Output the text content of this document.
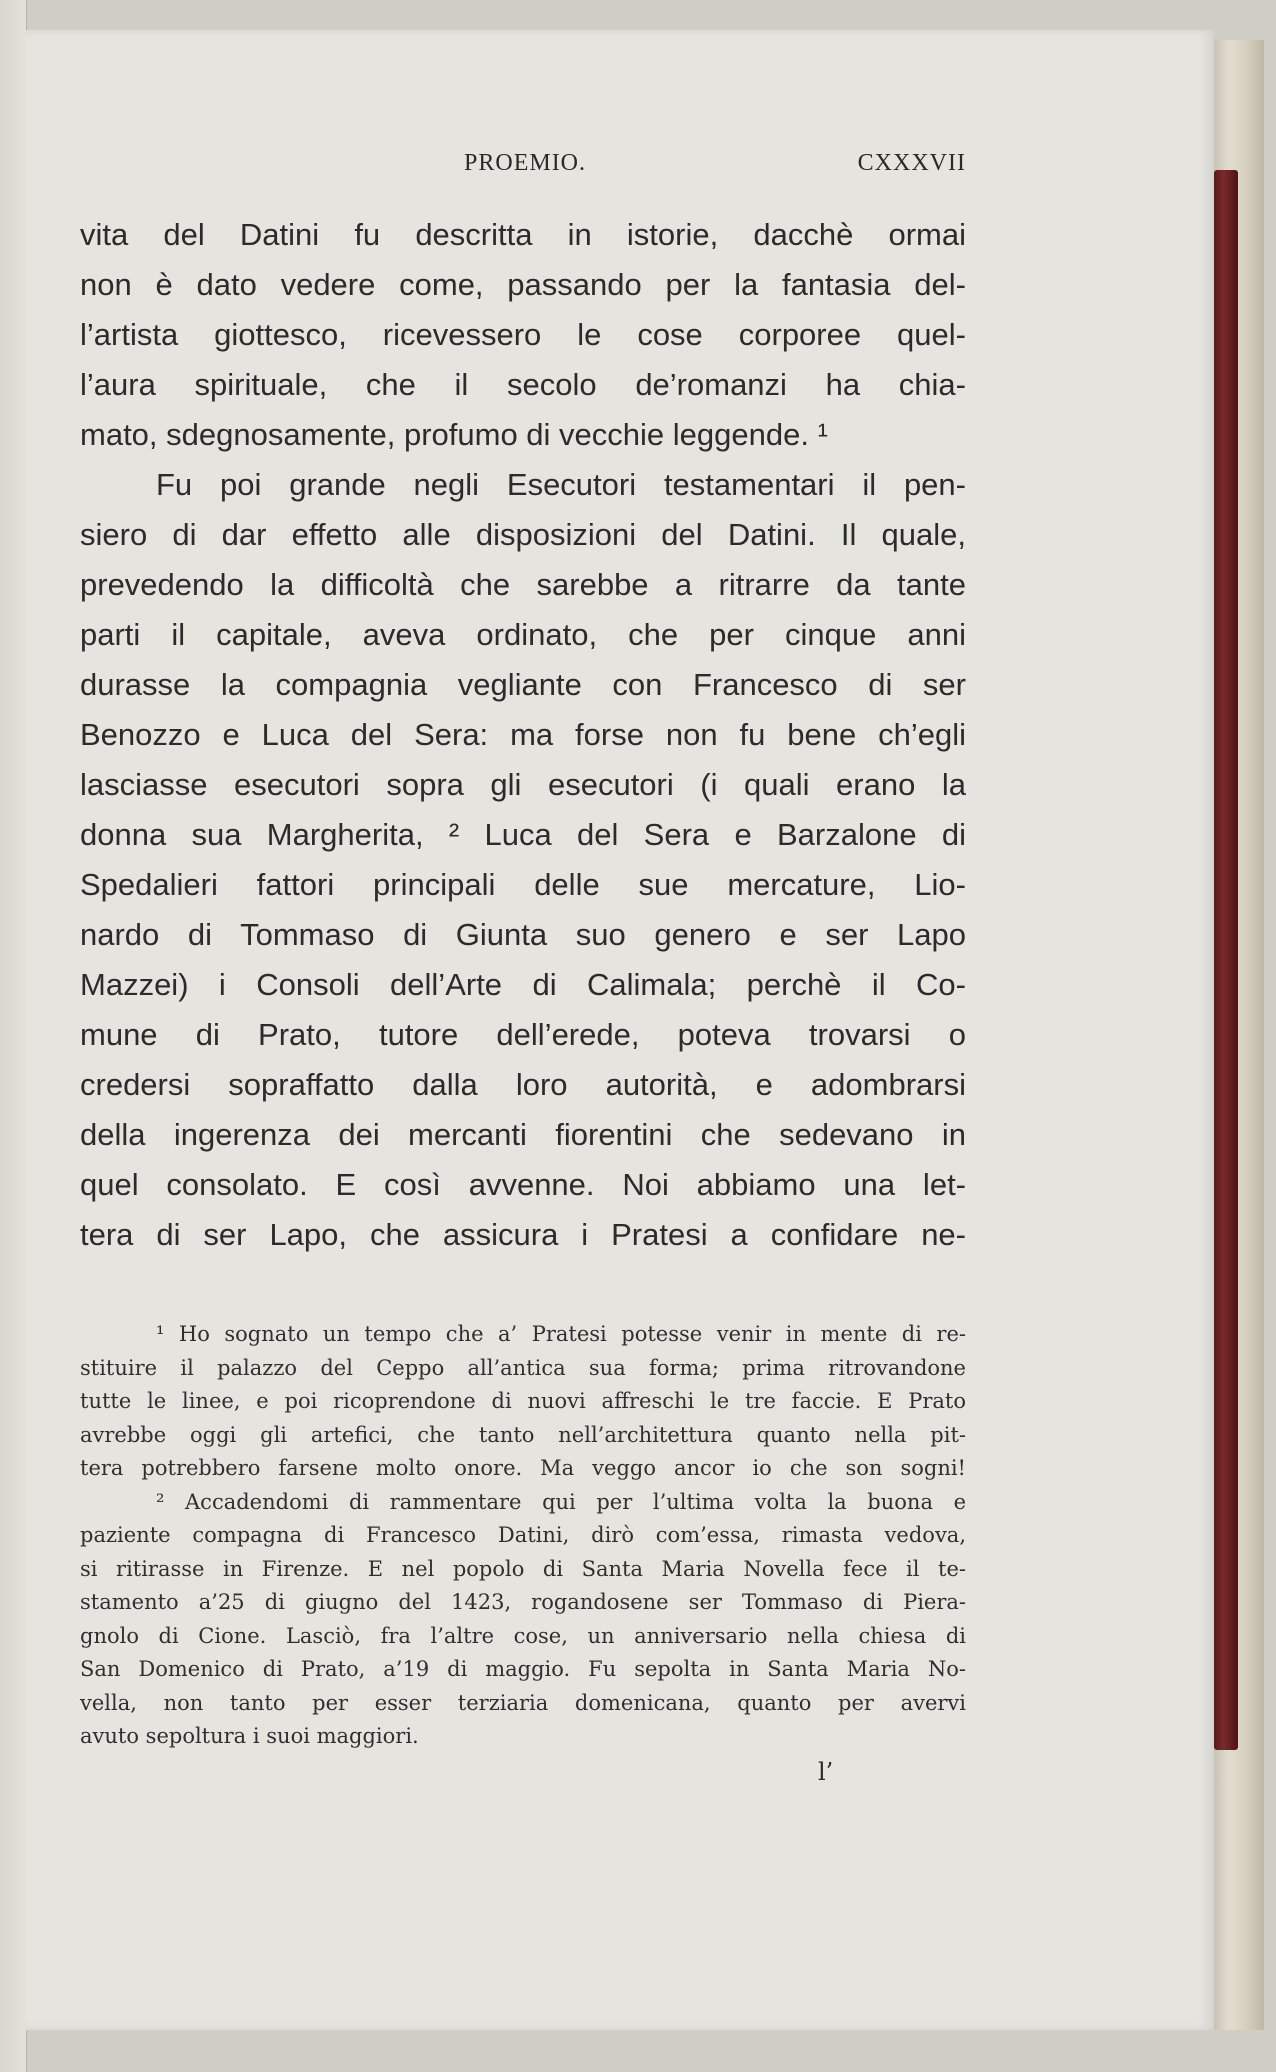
PROEMIO.	CXXXVII
vita del Datini fu descritta in istorie, dacchè ormai
non è dato vedere come, passando per la fantasia del-
l’artista giottesco, ricevessero le cose corporee quel-
l’aura spirituale, che il secolo de’romanzi ha chia-
mato, sdegnosamente, profumo di vecchie leggende. ¹
Fu poi grande negli Esecutori testamentari il pen-
siero di dar effetto alle disposizioni del Datini. Il quale,
prevedendo la difficoltà che sarebbe a ritrarre da tante
parti il capitale, aveva ordinato, che per cinque anni
durasse la compagnia vegliante con Francesco di ser
Benozzo e Luca del Sera: ma forse non fu bene ch’egli
lasciasse esecutori sopra gli esecutori (i quali erano la
donna sua Margherita, ² Luca del Sera e Barzalone di
Spedalieri fattori principali delle sue mercature, Lio-
nardo di Tommaso di Giunta suo genero e ser Lapo
Mazzei) i Consoli dell’Arte di Calimala; perchè il Co-
mune di Prato, tutore dell’erede, poteva trovarsi o
credersi sopraffatto dalla loro autorità, e adombrarsi
della ingerenza dei mercanti fiorentini che sedevano in
quel consolato. E così avvenne. Noi abbiamo una let-
tera di ser Lapo, che assicura i Pratesi a confidare ne-
¹ Ho sognato un tempo che a’ Pratesi potesse venir in mente di re-
stituire il palazzo del Ceppo all’antica sua forma; prima ritrovandone
tutte le linee, e poi ricoprendone di nuovi affreschi le tre faccie. E Prato
avrebbe oggi gli artefici, che tanto nell’architettura quanto nella pit-
tera potrebbero farsene molto onore. Ma veggo ancor io che son sogni!
² Accadendomi di rammentare qui per l’ultima volta la buona e
paziente compagna di Francesco Datini, dirò com’essa, rimasta vedova,
si ritirasse in Firenze. E nel popolo di Santa Maria Novella fece il te-
stamento a’25 di giugno del 1423, rogandosene ser Tommaso di Piera-
gnolo di Cione. Lasciò, fra l’altre cose, un anniversario nella chiesa di
San Domenico di Prato, a’19 di maggio. Fu sepolta in Santa Maria No-
vella, non tanto per esser terziaria domenicana, quanto per avervi
avuto sepoltura i suoi maggiori.
l’
